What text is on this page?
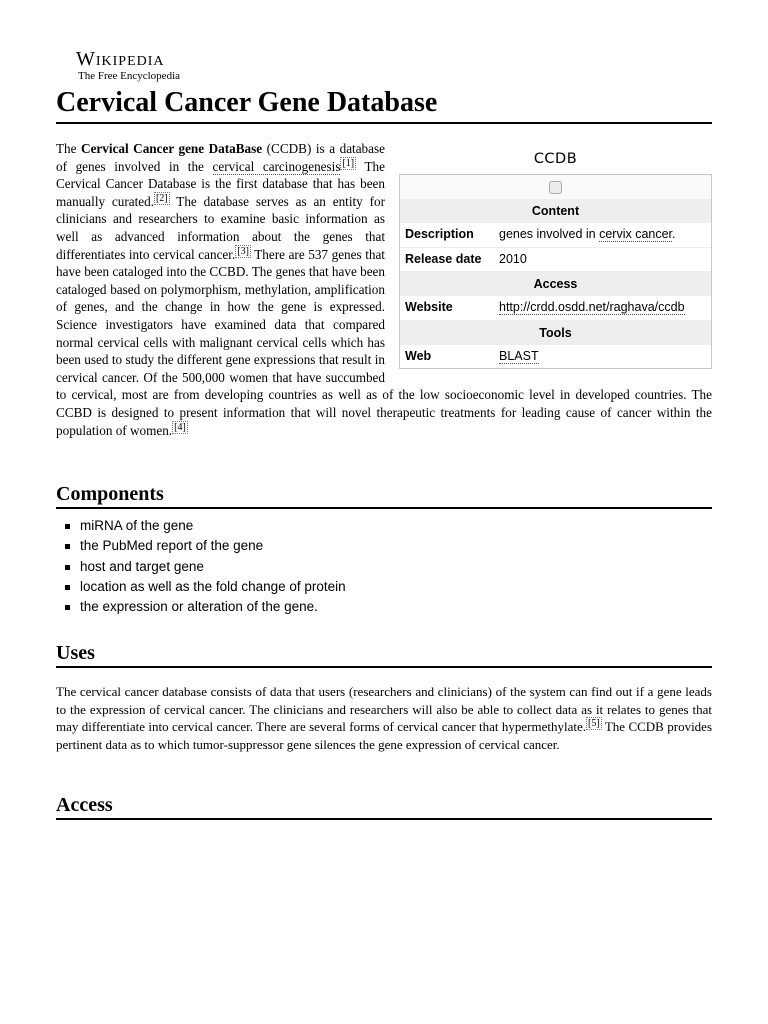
Wikipedia
The Free Encyclopedia
Cervical Cancer Gene Database
CCDB
Content
Description	genes involved in cervix cancer.
Release date	2010
Access
Website	http://crdd.osdd.net/raghava/ccdb
Tools
Web	BLAST

The Cervical Cancer gene DataBase (CCDB) is a database of genes involved in the cervical carcinogenesis [1] The Cervical Cancer Database is the first database that has been manually curated. [2] The database serves as an entity for clinicians and researchers to examine basic information as well as advanced information about the genes that differentiates into cervical cancer. [3] There are 537 genes that have been cataloged into the CCBD. The genes that have been cataloged based on polymorphism, methylation, amplification of genes, and the change in how the gene is expressed. Science investigators have examined data that compared normal cervical cells with malignant cervical cells which has been used to study the different gene expressions that result in cervical cancer. Of the 500,000 women that have succumbed to cervical, most are from developing countries as well as of the low socioeconomic level in developed countries. The CCBD is designed to present information that will novel therapeutic treatments for leading cause of cancer within the population of women. [4]

Components
miRNA of the gene
the PubMed report of the gene
host and target gene
location as well as the fold change of protein
the expression or alteration of the gene.
Uses

The cervical cancer database consists of data that users (researchers and clinicians) of the system can find out if a gene leads to the expression of cervical cancer. The clinicians and researchers will also be able to collect data as it relates to genes that may differentiate into cervical cancer. There are several forms of cervical cancer that hypermethylate. [5] The CCDB provides pertinent data as to which tumor-suppressor gene silences the gene expression of cervical cancer.

Access
